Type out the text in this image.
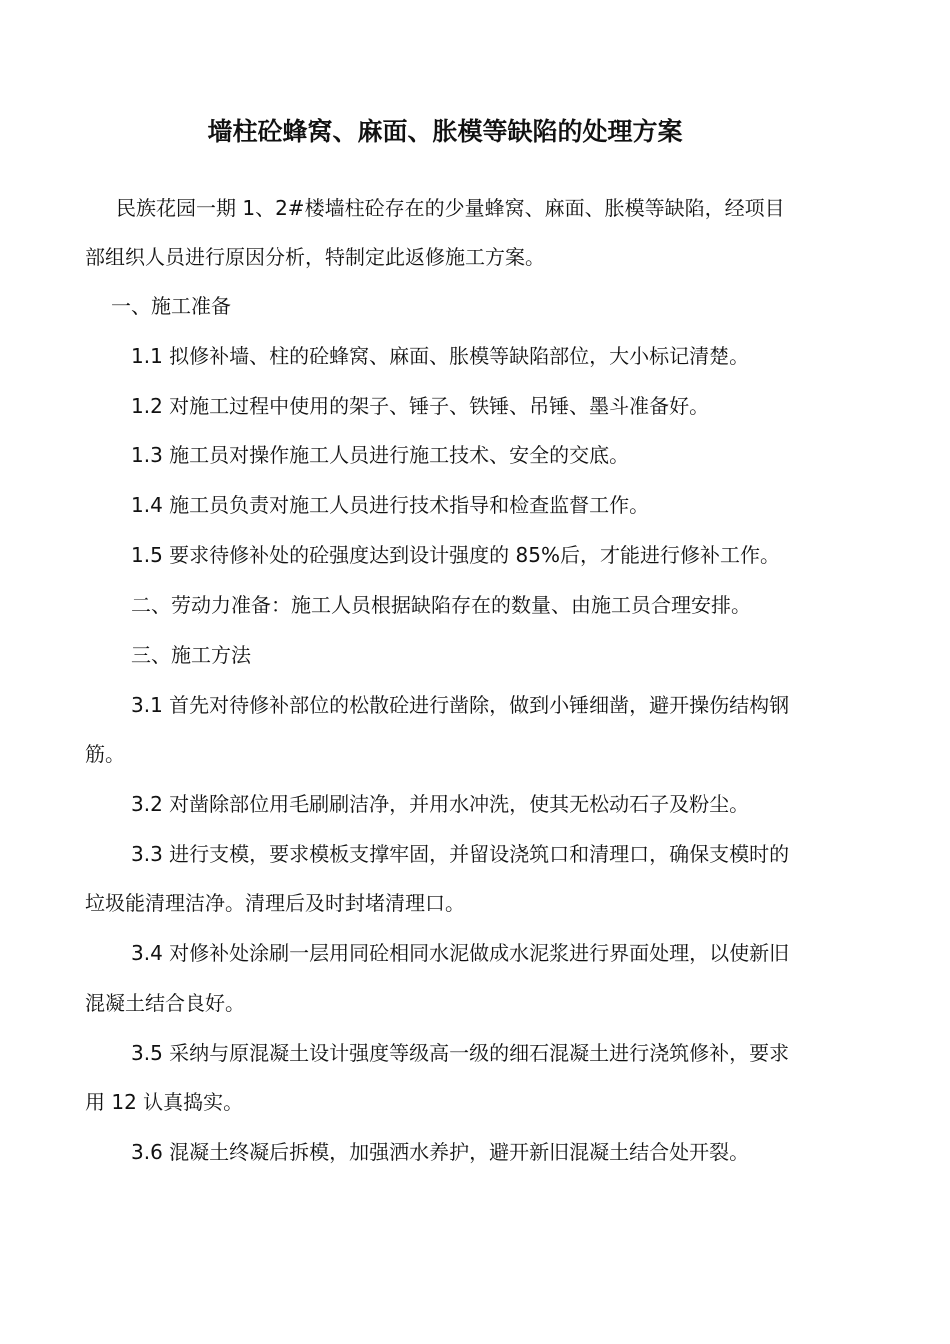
墙柱砼蜂窝、麻面、胀模等缺陷的处理方案

民族花园一期 1、2#楼墙柱砼存在的少量蜂窝、麻面、胀模等缺陷，经项目

部组织人员进行原因分析，特制定此返修施工方案。

一、施工准备

1.1 拟修补墙、柱的砼蜂窝、麻面、胀模等缺陷部位，大小标记清楚。

1.2 对施工过程中使用的架子、锤子、铁锤、吊锤、墨斗准备好。

1.3 施工员对操作施工人员进行施工技术、安全的交底。

1.4 施工员负责对施工人员进行技术指导和检查监督工作。

1.5 要求待修补处的砼强度达到设计强度的 85%后，才能进行修补工作。

二、劳动力准备：施工人员根据缺陷存在的数量、由施工员合理安排。

三、施工方法

3.1 首先对待修补部位的松散砼进行凿除，做到小锤细凿，避开操伤结构钢

筋。

3.2 对凿除部位用毛刷刷洁净，并用水冲洗，使其无松动石子及粉尘。

3.3 进行支模，要求模板支撑牢固，并留设浇筑口和清理口，确保支模时的

垃圾能清理洁净。清理后及时封堵清理口。

3.4 对修补处涂刷一层用同砼相同水泥做成水泥浆进行界面处理，以使新旧

混凝土结合良好。

3.5 采纳与原混凝土设计强度等级高一级的细石混凝土进行浇筑修补，要求

用 12 认真捣实。

3.6 混凝土终凝后拆模，加强洒水养护，避开新旧混凝土结合处开裂。
